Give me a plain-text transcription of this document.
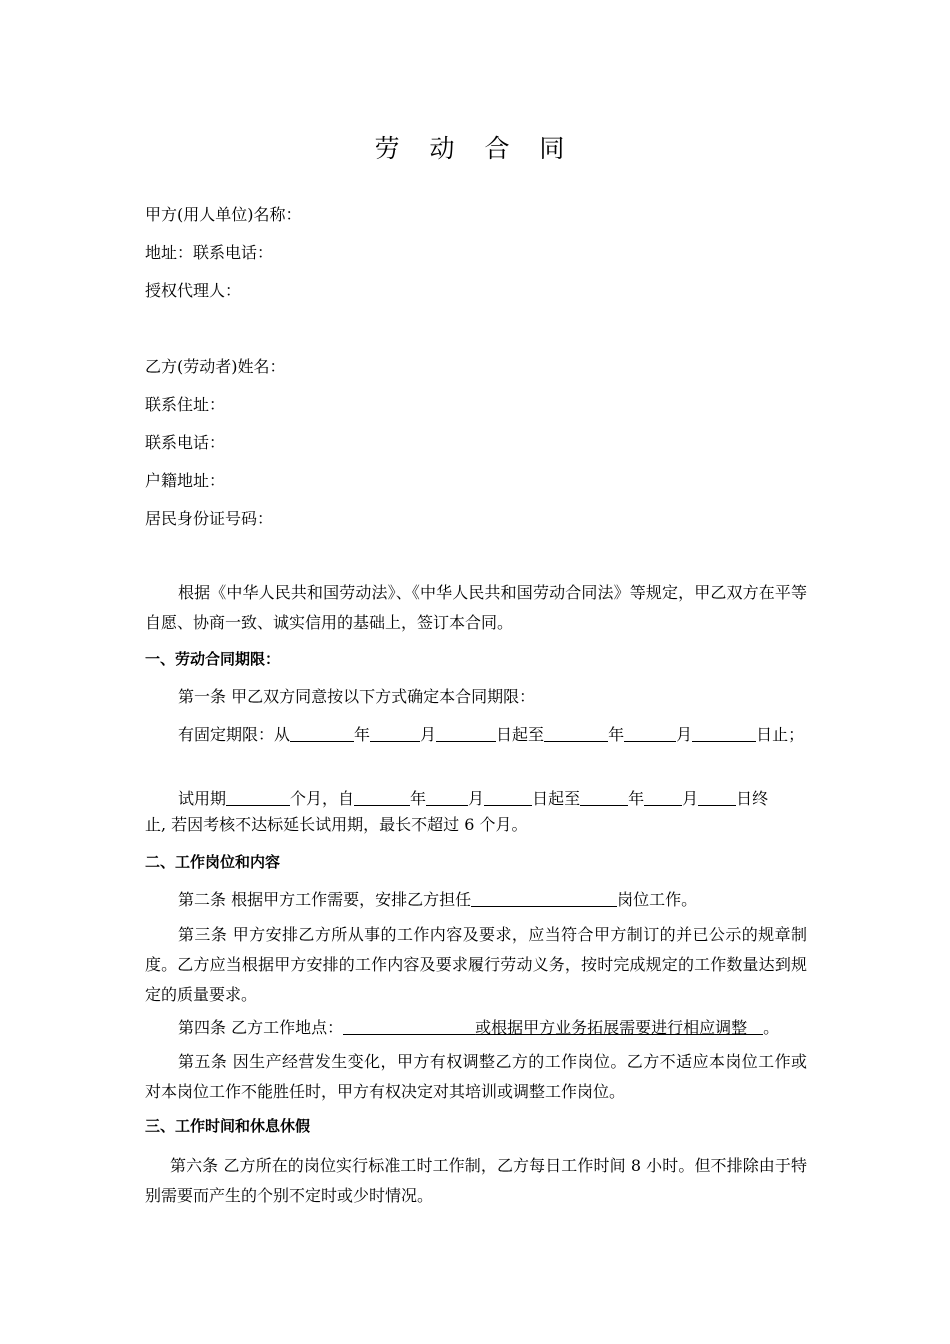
劳 动 合 同
甲方(用人单位)名称：
地址：联系电话：
授权代理人：
乙方(劳动者)姓名：
联系住址：
联系电话：
户籍地址：
居民身份证号码：
根据《中华人民共和国劳动法》、《中华人民共和国劳动合同法》等规定，甲乙双方在平等自愿、协商一致、诚实信用的基础上，签订本合同。
一、劳动合同期限：
第一条 甲乙双方同意按以下方式确定本合同期限：
有固定期限：从	年	月	日起至	年	月	日止；
试用期	个月，自	年	月	日起至	年 月 日终
止, 若因考核不达标延长试用期，最长不超过 6 个月。
二、工作岗位和内容
第二条 根据甲方工作需要，安排乙方担任	岗位工作。
第三条 甲方安排乙方所从事的工作内容及要求，应当符合甲方制订的并已公示的规章制度。乙方应当根据甲方安排的工作内容及要求履行劳动义务，按时完成规定的工作数量达到规定的质量要求。
第四条 乙方工作地点：	或根据甲方业务拓展需要进行相应调整 。
第五条 因生产经营发生变化，甲方有权调整乙方的工作岗位。乙方不适应本岗位工作或对本岗位工作不能胜任时，甲方有权决定对其培训或调整工作岗位。
三、工作时间和休息休假
第六条 乙方所在的岗位实行标准工时工作制，乙方每日工作时间 8 小时。但不排除由于特别需要而产生的个别不定时或少时情况。
